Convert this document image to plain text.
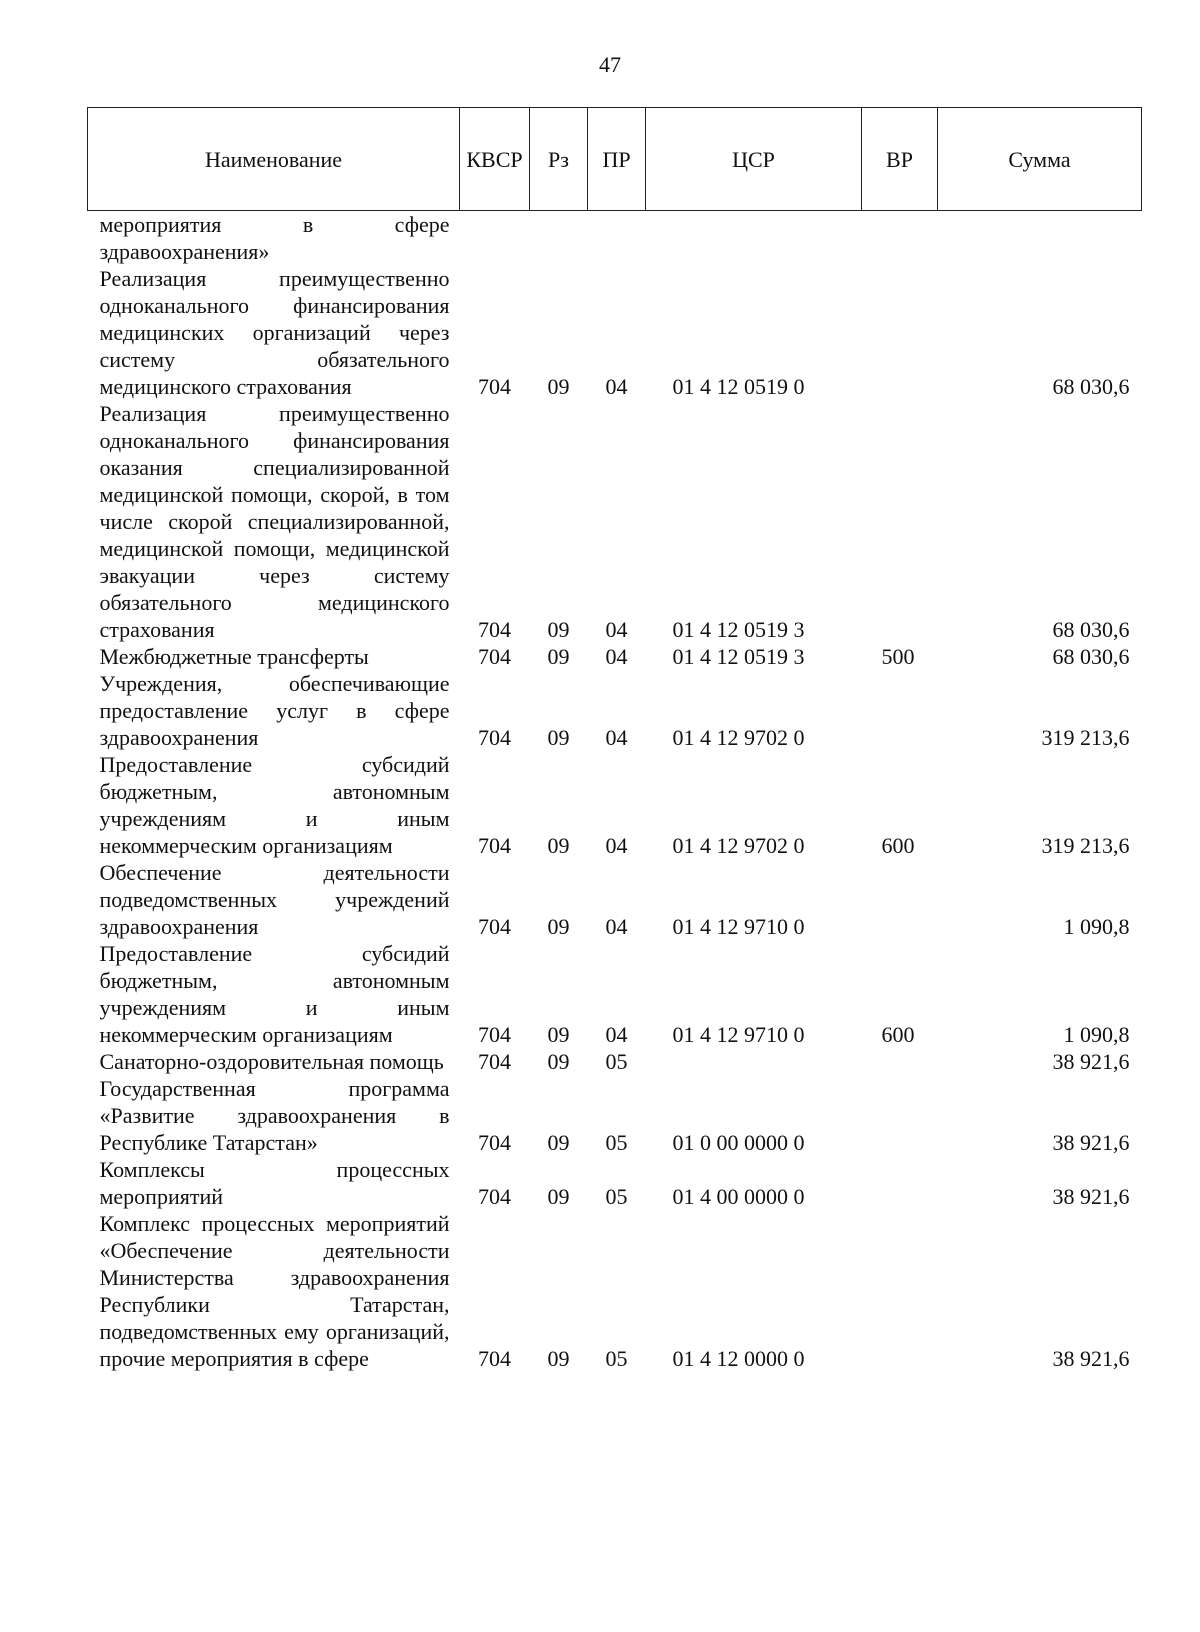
47
Наименование	КВСР	Рз	ПР	ЦСР	ВР	Сумма
мероприятия в сфере здравоохранения»						
Реализация преимущественно одноканального финансирования медицинских организаций через систему обязательного медицинского страхования	704	09	04	01 4 12 0519 0		68 030,6
Реализация преимущественно одноканального финансирования оказания специализированной медицинской помощи, скорой, в том числе скорой специализированной, медицинской помощи, медицинской эвакуации через систему обязательного медицинского страхования	704	09	04	01 4 12 0519 3		68 030,6
Межбюджетные трансферты	704	09	04	01 4 12 0519 3	500	68 030,6
Учреждения, обеспечивающие предоставление услуг в сфере здравоохранения	704	09	04	01 4 12 9702 0		319 213,6
Предоставление субсидий бюджетным, автономным учреждениям и иным некоммерческим организациям	704	09	04	01 4 12 9702 0	600	319 213,6
Обеспечение деятельности подведомственных учреждений здравоохранения	704	09	04	01 4 12 9710 0		1 090,8
Предоставление субсидий бюджетным, автономным учреждениям и иным некоммерческим организациям	704	09	04	01 4 12 9710 0	600	1 090,8
Санаторно-оздоровительная помощь	704	09	05			38 921,6
Государственная программа «Развитие здравоохранения в Республике Татарстан»	704	09	05	01 0 00 0000 0		38 921,6
Комплексы процессных мероприятий	704	09	05	01 4 00 0000 0		38 921,6
Комплекс процессных мероприятий «Обеспечение деятельности Министерства здравоохранения Республики Татарстан, подведомственных ему организаций, прочие мероприятия в сфере	704	09	05	01 4 12 0000 0		38 921,6
